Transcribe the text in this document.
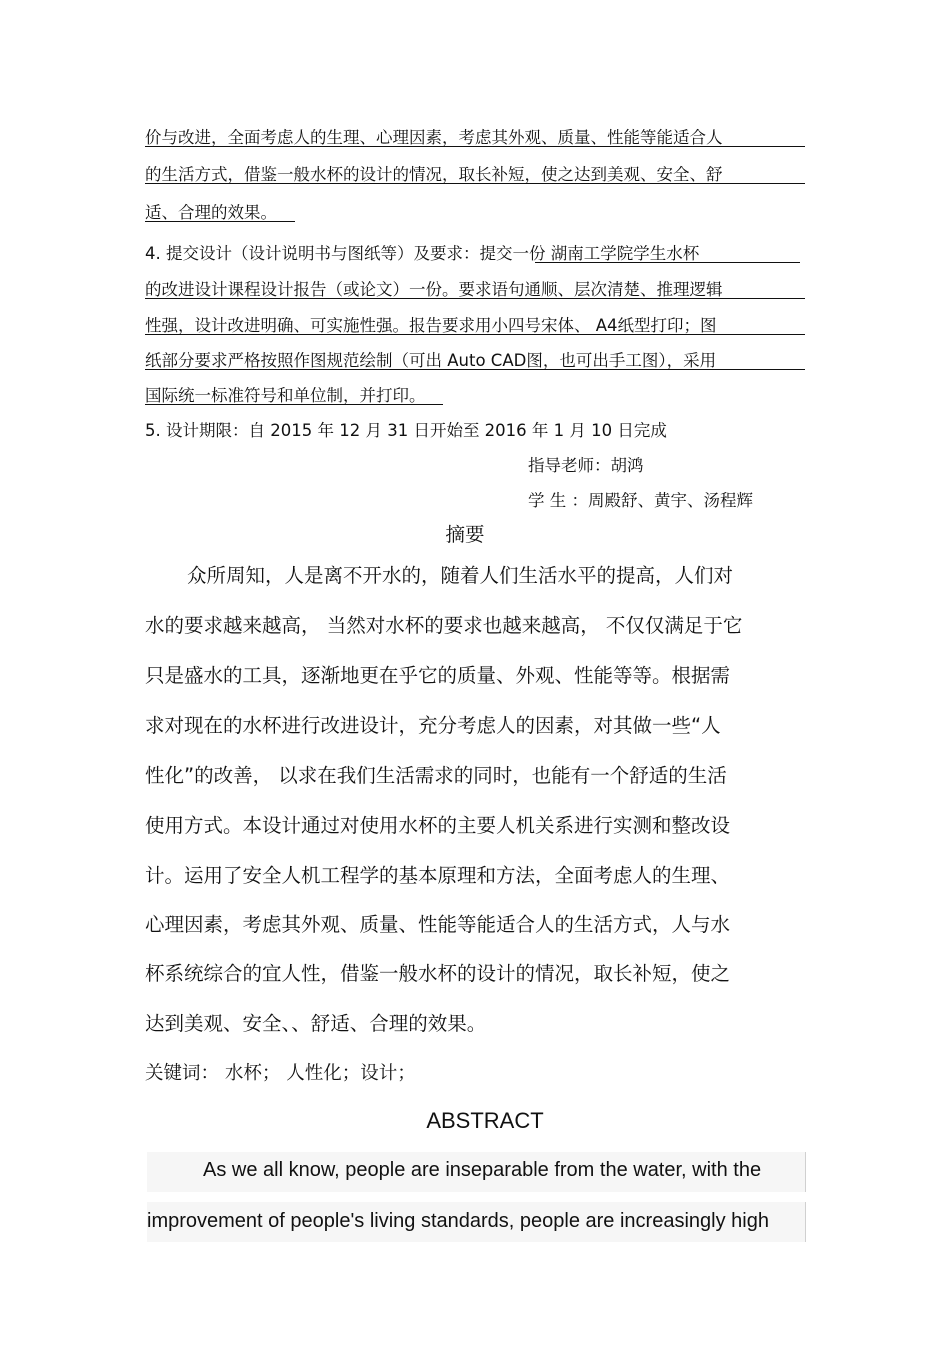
价与改进，全面考虑人的生理、心理因素，考虑其外观、质量、性能等能适合人
的生活方式，借鉴一般水杯的设计的情况，取长补短，使之达到美观、安全、舒
适、合理的效果。
4. 提交设计（设计说明书与图纸等）及要求：提交一份 湖南工学院学生水杯
的改进设计课程设计报告（或论文）一份。要求语句通顺、层次清楚、推理逻辑
性强，设计改进明确、可实施性强。报告要求用小四号宋体、 A4纸型打印；图
纸部分要求严格按照作图规范绘制（可出 Auto CAD图，也可出手工图），采用
国际统一标准符号和单位制，并打印。
5. 设计期限：自 2015 年 12 月 31 日开始至 2016 年 1 月 10 日完成
指导老师：胡鸿
学 生 ：周殿舒、黄宇、汤程辉
摘要
众所周知，人是离不开水的，随着人们生活水平的提高，人们对
水的要求越来越高， 当然对水杯的要求也越来越高， 不仅仅满足于它
只是盛水的工具，逐渐地更在乎它的质量、外观、性能等等。根据需
求对现在的水杯进行改进设计，充分考虑人的因素，对其做一些“人
性化”的改善， 以求在我们生活需求的同时，也能有一个舒适的生活
使用方式。本设计通过对使用水杯的主要人机关系进行实测和整改设
计。运用了安全人机工程学的基本原理和方法，全面考虑人的生理、
心理因素，考虑其外观、质量、性能等能适合人的生活方式，人与水
杯系统综合的宜人性，借鉴一般水杯的设计的情况，取长补短，使之
达到美观、安全、、舒适、合理的效果。
关键词： 水杯； 人性化；设计；
ABSTRACT
As we all know, people are inseparable from the water, with the
improvement of people's living standards, people are increasingly high
